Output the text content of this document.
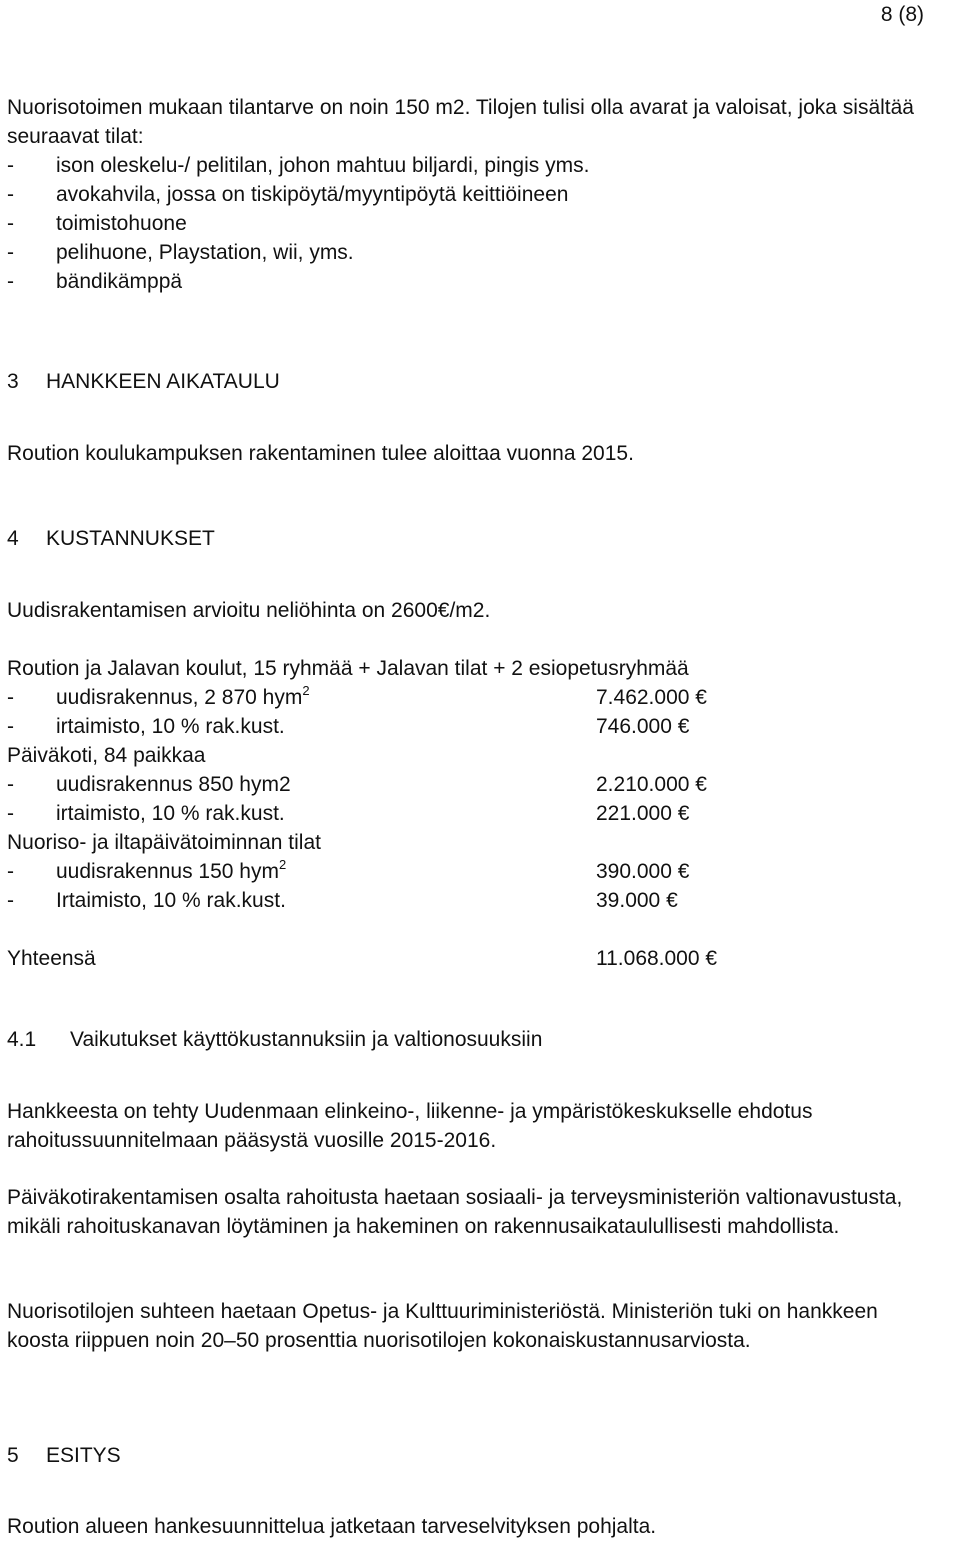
8 (8)

Nuorisotoimen mukaan tilantarve on noin 150 m2. Tilojen tulisi olla avarat ja valoisat, joka sisältää seuraavat tilat:

- ison oleskelu-/ pelitilan, johon mahtuu biljardi, pingis yms.
- avokahvila, jossa on tiskipöytä/myyntipöytä keittiöineen
- toimistohuone
- pelihuone, Playstation, wii, yms.
- bändikämppä
3 HANKKEEN AIKATAULU

Roution koulukampuksen rakentaminen tulee aloittaa vuonna 2015.

4 KUSTANNUKSET

Uudisrakentamisen arvioitu neliöhinta on 2600€/m2.

Roution ja Jalavan koulut, 15 ryhmää + Jalavan tilat + 2 esiopetusryhmää

- uudisrakennus, 2 870 hym$^2$	7.462.000 €
- irtaimisto, 10 % rak.kust.	746.000 €

Päiväkoti, 84 paikkaa

- uudisrakennus 850 hym2	2.210.000 €
- irtaimisto, 10 % rak.kust.	221.000 €

Nuoriso- ja iltapäivätoiminnan tilat

- uudisrakennus 150 hym$^2$	390.000 €
- Irtaimisto, 10 % rak.kust.	39.000 €
Yhteensä	11.068.000 €
4.1 Vaikutukset käyttökustannuksiin ja valtionosuuksiin

Hankkeesta on tehty Uudenmaan elinkeino-, liikenne- ja ympäristökeskukselle ehdotus rahoitussuunnitelmaan pääsystä vuosille 2015-2016.

Päiväkotirakentamisen osalta rahoitusta haetaan sosiaali- ja terveysministeriön valtionavustusta, mikäli rahoituskanavan löytäminen ja hakeminen on rakennusaikataulullisesti mahdollista.

Nuorisotilojen suhteen haetaan Opetus- ja Kulttuuriministeriöstä. Ministeriön tuki on hankkeen koosta riippuen noin 20–50 prosenttia nuorisotilojen kokonaiskustannusarviosta.

5 ESITYS

Roution alueen hankesuunnittelua jatketaan tarveselvityksen pohjalta.
